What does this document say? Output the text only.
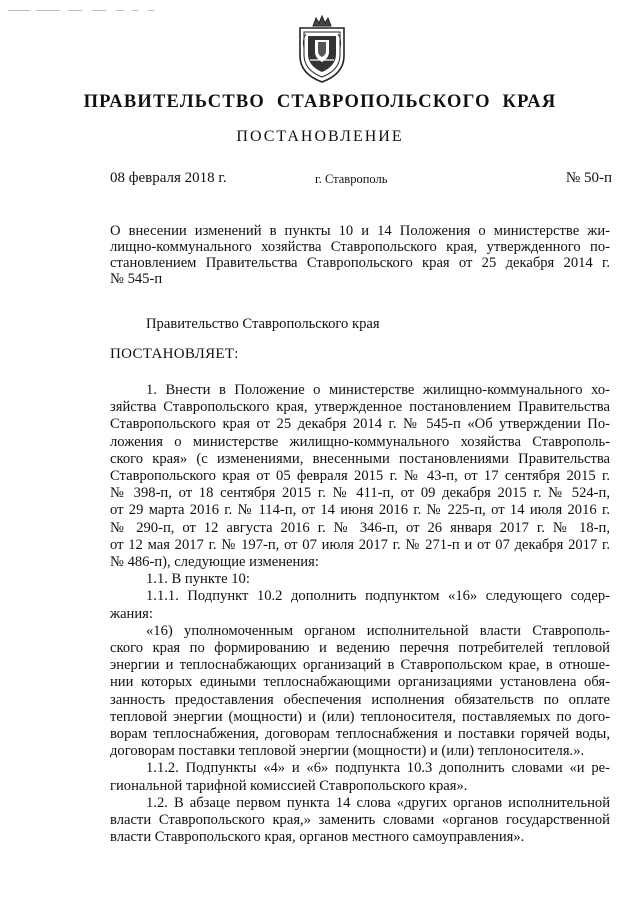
ПРАВИТЕЛЬСТВО СТАВРОПОЛЬСКОГО КРАЯ
ПОСТАНОВЛЕНИЕ
08 февраля 2018 г.	г. Ставрополь	№ 50-п
О внесении изменений в пункты 10 и 14 Положения о министерстве жи-
лищно-коммунального хозяйства Ставропольского края, утвержденного по-
становлением Правительства Ставропольского края от 25 декабря 2014 г.
№ 545-п
Правительство Ставропольского края
ПОСТАНОВЛЯЕТ:
1. Внести в Положение о министерстве жилищно-коммунального хо-
зяйства Ставропольского края, утвержденное постановлением Правительства
Ставропольского края от 25 декабря 2014 г. № 545-п «Об утверждении По-
ложения о министерстве жилищно-коммунального хозяйства Ставрополь-
ского края» (с изменениями, внесенными постановлениями Правительства
Ставропольского края от 05 февраля 2015 г. № 43-п, от 17 сентября 2015 г.
№ 398-п, от 18 сентября 2015 г. № 411-п, от 09 декабря 2015 г. № 524-п,
от 29 марта 2016 г. № 114-п, от 14 июня 2016 г. № 225-п, от 14 июля 2016 г.
№ 290-п, от 12 августа 2016 г. № 346-п, от 26 января 2017 г. № 18-п,
от 12 мая 2017 г. № 197-п, от 07 июля 2017 г. № 271-п и от 07 декабря 2017 г.
№ 486-п), следующие изменения:
1.1. В пункте 10:
1.1.1. Подпункт 10.2 дополнить подпунктом «16» следующего содер-
жания:
«16) уполномоченным органом исполнительной власти Ставрополь-
ского края по формированию и ведению перечня потребителей тепловой
энергии и теплоснабжающих организаций в Ставропольском крае, в отноше-
нии которых едиными теплоснабжающими организациями установлена обя-
занность предоставления обеспечения исполнения обязательств по оплате
тепловой энергии (мощности) и (или) теплоносителя, поставляемых по дого-
ворам теплоснабжения, договорам теплоснабжения и поставки горячей воды,
договорам поставки тепловой энергии (мощности) и (или) теплоносителя.».
1.1.2. Подпункты «4» и «6» подпункта 10.3 дополнить словами «и ре-
гиональной тарифной комиссией Ставропольского края».
1.2. В абзаце первом пункта 14 слова «других органов исполнительной
власти Ставропольского края,» заменить словами «органов государственной
власти Ставропольского края, органов местного самоуправления».
